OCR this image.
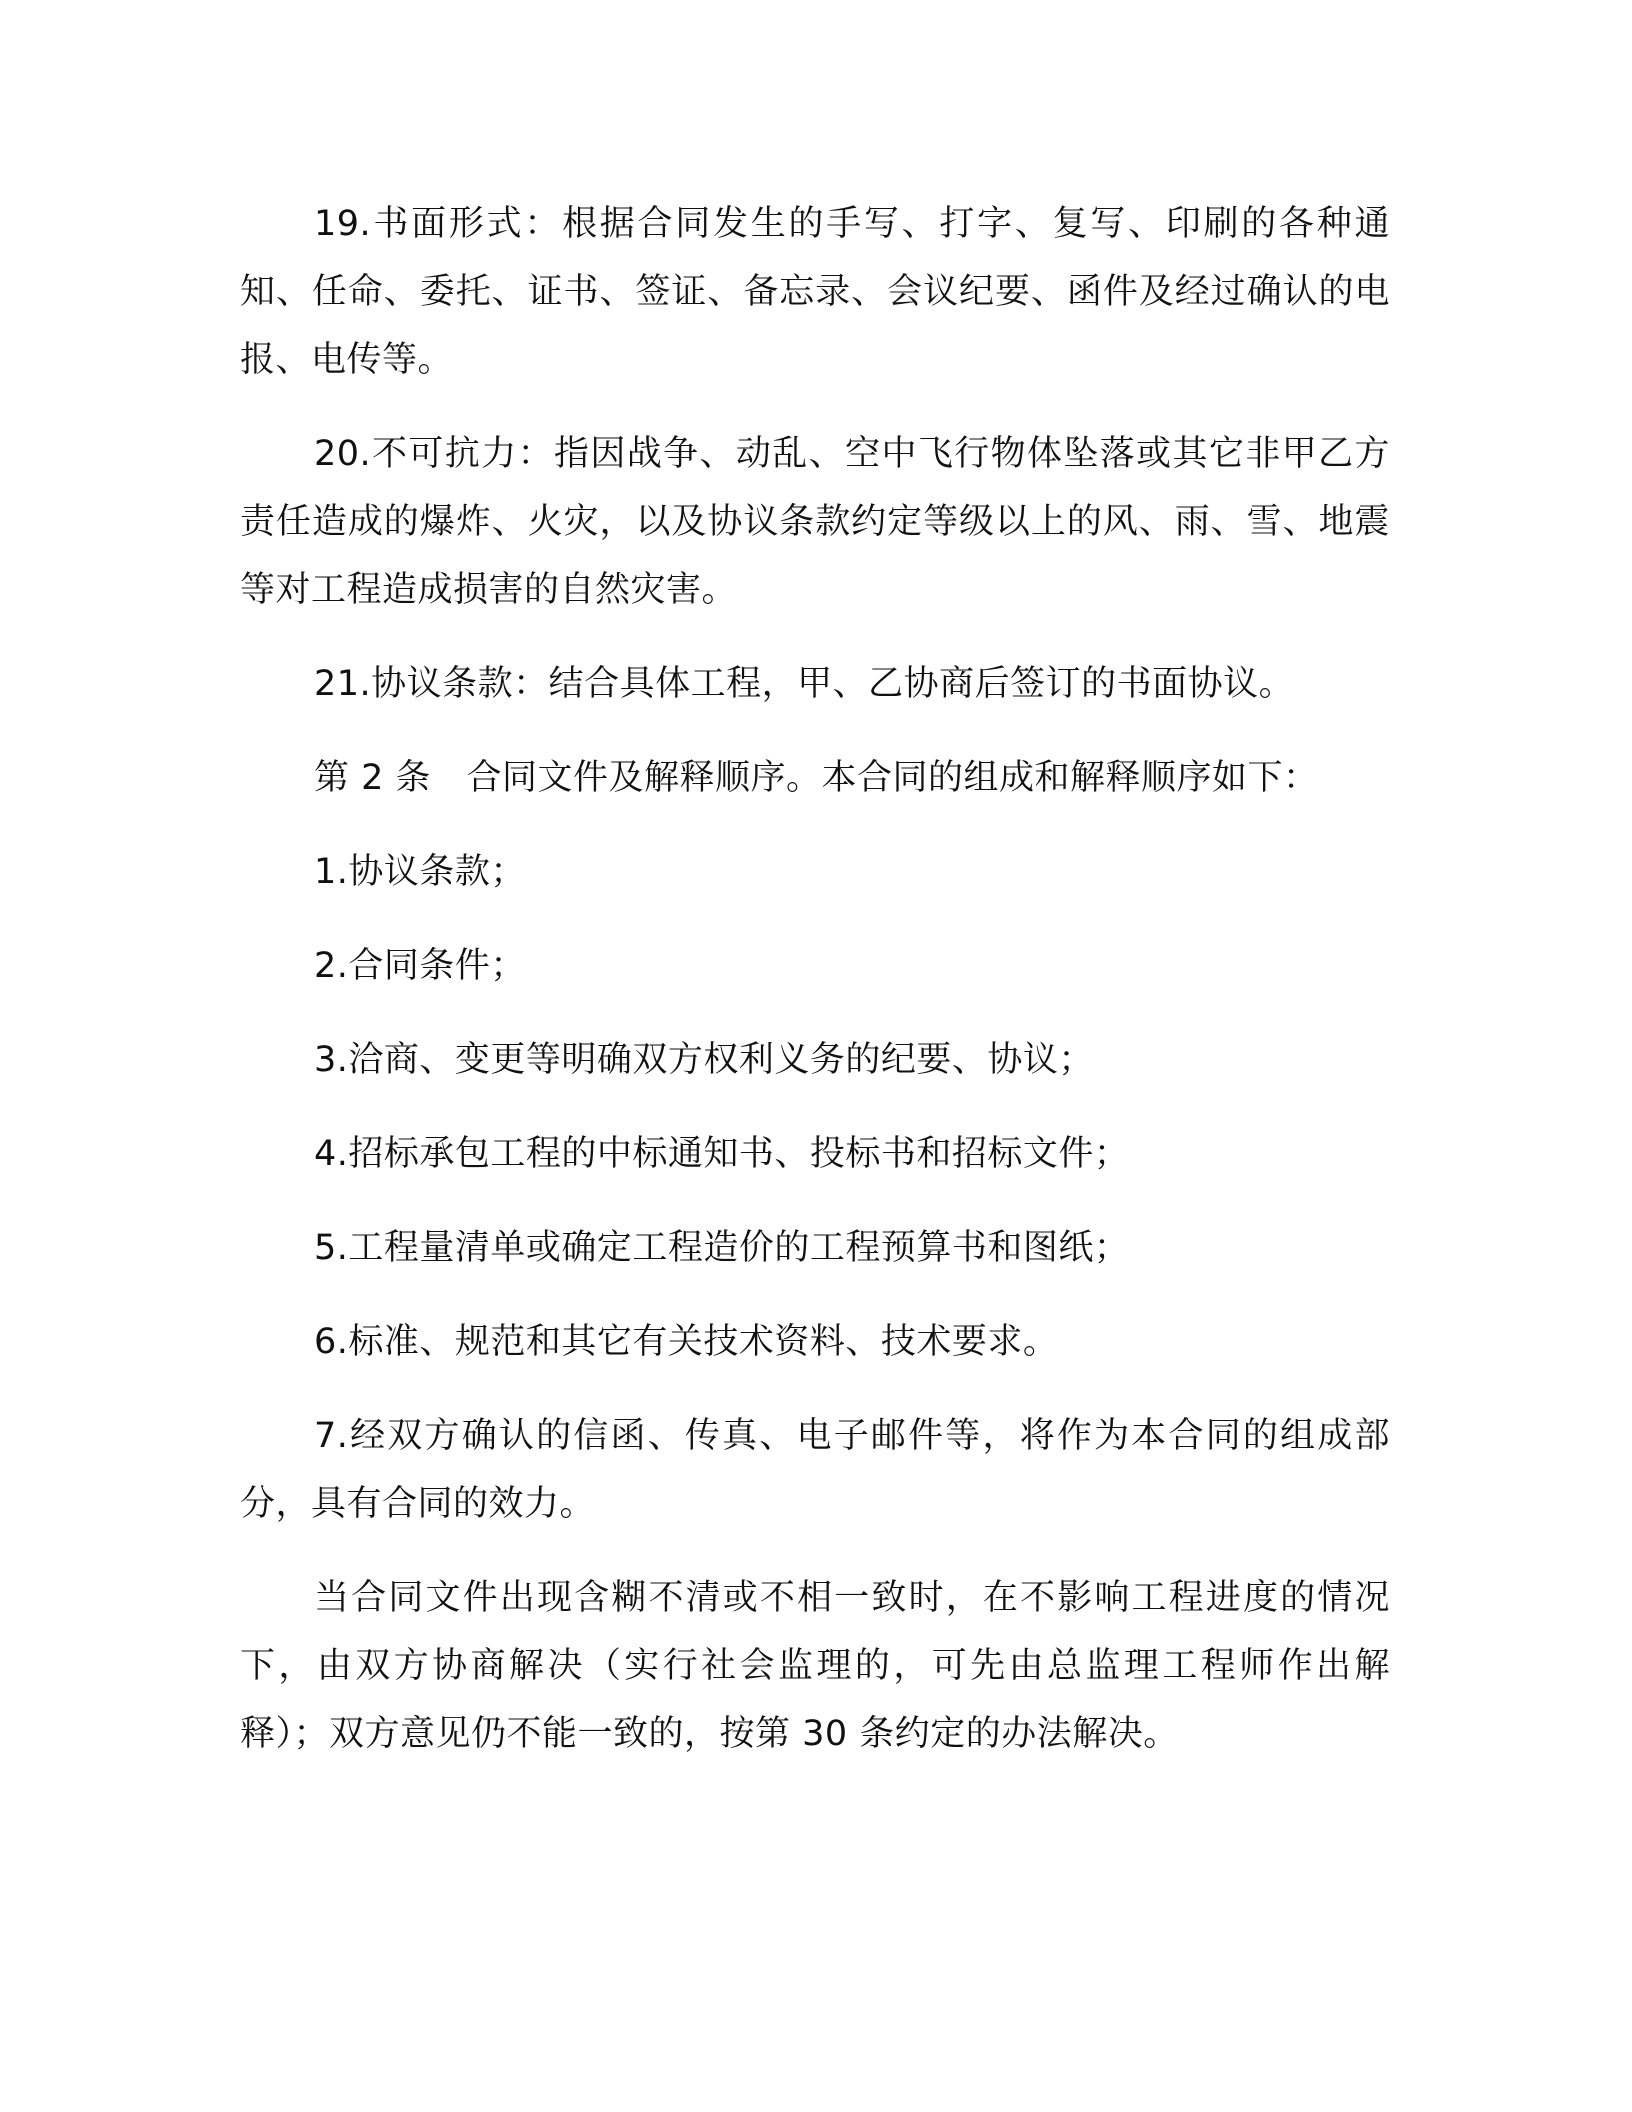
19.书面形式：根据合同发生的手写、打字、复写、印刷的各种通知、任命、委托、证书、签证、备忘录、会议纪要、函件及经过确认的电报、电传等。

20.不可抗力：指因战争、动乱、空中飞行物体坠落或其它非甲乙方责任造成的爆炸、火灾，以及协议条款约定等级以上的风、雨、雪、地震等对工程造成损害的自然灾害。

21.协议条款：结合具体工程，甲、乙协商后签订的书面协议。

第 2 条　合同文件及解释顺序。本合同的组成和解释顺序如下：

1.协议条款；

2.合同条件；

3.洽商、变更等明确双方权利义务的纪要、协议；

4.招标承包工程的中标通知书、投标书和招标文件；

5.工程量清单或确定工程造价的工程预算书和图纸；

6.标准、规范和其它有关技术资料、技术要求。

7.经双方确认的信函、传真、电子邮件等，将作为本合同的组成部分，具有合同的效力。

当合同文件出现含糊不清或不相一致时，在不影响工程进度的情况下，由双方协商解决（实行社会监理的，可先由总监理工程师作出解释）；双方意见仍不能一致的，按第 30 条约定的办法解决。
